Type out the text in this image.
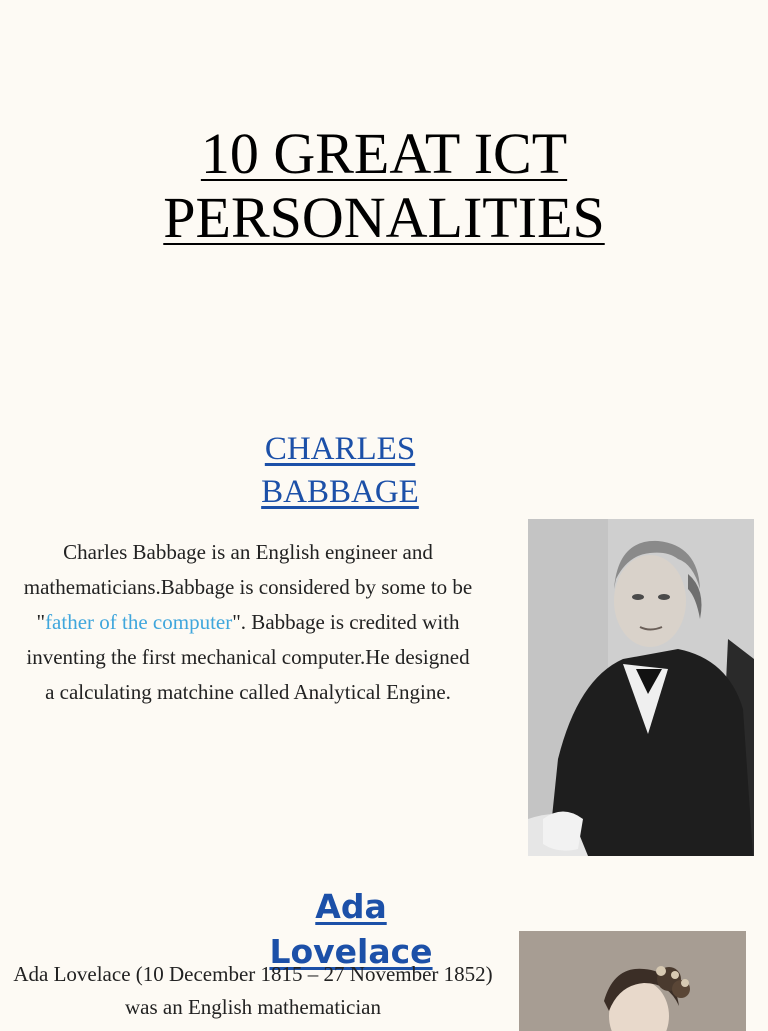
10 GREAT ICT
PERSONALITIES
CHARLES
BABBAGE
Charles Babbage is an English engineer and mathematicians.Babbage is considered by some to be "father of the computer". Babbage is credited with inventing the first mechanical computer.He designed a calculating matchine called Analytical Engine.
Ada
Lovelace
Ada Lovelace (10 December 1815 – 27 November 1852) was an English mathematician
